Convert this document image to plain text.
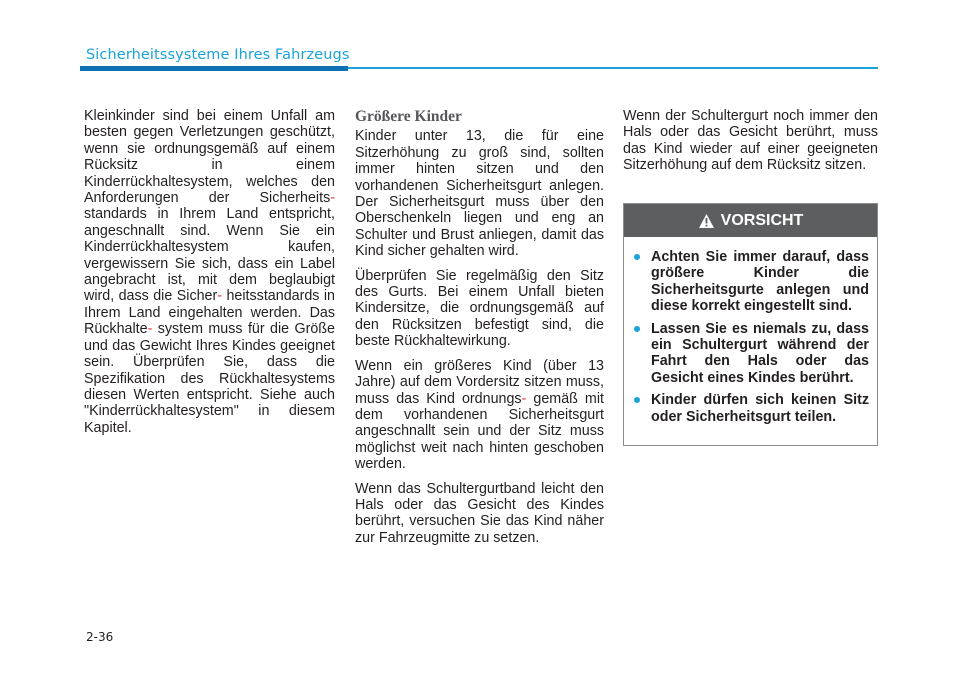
Sicherheitssysteme Ihres Fahrzeugs

Kleinkinder sind bei einem Unfall am besten gegen Verletzungen geschützt, wenn sie ordnungsgemäß auf einem Rücksitz in einem Kinderrückhaltesystem, welches den Anforderungen der Sicherheits- standards in Ihrem Land entspricht, angeschnallt sind. Wenn Sie ein Kinderrückhaltesystem kaufen, vergewissern Sie sich, dass ein Label angebracht ist, mit dem beglaubigt wird, dass die Sicher- heitsstandards in Ihrem Land eingehalten werden. Das Rückhalte- system muss für die Größe und das Gewicht Ihres Kindes geeignet sein. Überprüfen Sie, dass die Spezifikation des Rückhaltesystems diesen Werten entspricht. Siehe auch "Kinderrückhaltesystem" in diesem Kapitel.

Größere Kinder

Kinder unter 13, die für eine Sitzerhöhung zu groß sind, sollten immer hinten sitzen und den vorhandenen Sicherheitsgurt anlegen. Der Sicherheitsgurt muss über den Oberschenkeln liegen und eng an Schulter und Brust anliegen, damit das Kind sicher gehalten wird.

Überprüfen Sie regelmäßig den Sitz des Gurts. Bei einem Unfall bieten Kindersitze, die ordnungsgemäß auf den Rücksitzen befestigt sind, die beste Rückhaltewirkung.

Wenn ein größeres Kind (über 13 Jahre) auf dem Vordersitz sitzen muss, muss das Kind ordnungs- gemäß mit dem vorhandenen Sicherheitsgurt angeschnallt sein und der Sitz muss möglichst weit nach hinten geschoben werden.

Wenn das Schultergurtband leicht den Hals oder das Gesicht des Kindes berührt, versuchen Sie das Kind näher zur Fahrzeugmitte zu setzen.

Wenn der Schultergurt noch immer den Hals oder das Gesicht berührt, muss das Kind wieder auf einer geeigneten Sitzerhöhung auf dem Rücksitz sitzen.

VORSICHT
Achten Sie immer darauf, dass größere Kinder die Sicherheitsgurte anlegen und diese korrekt eingestellt sind.
Lassen Sie es niemals zu, dass ein Schultergurt während der Fahrt den Hals oder das Gesicht eines Kindes berührt.
Kinder dürfen sich keinen Sitz oder Sicherheitsgurt teilen.
2-36
